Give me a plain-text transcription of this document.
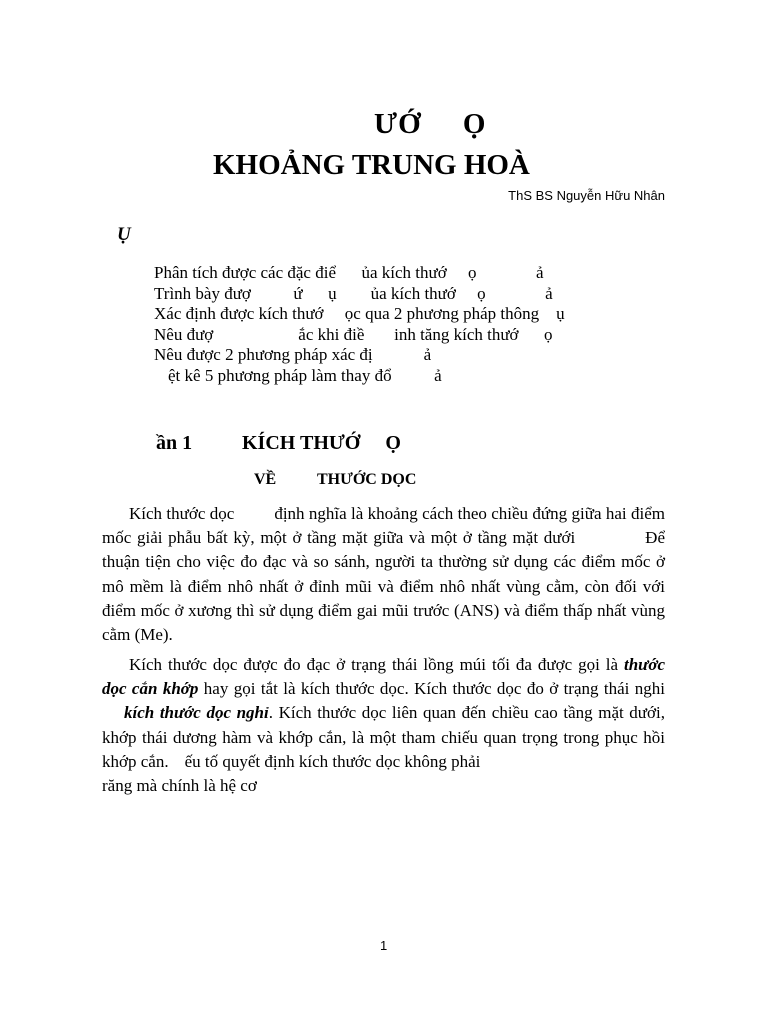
ƯỚ     Ọ
KHOẢNG TRUNG HOÀ
ThS BS Nguyễn Hữu Nhân
Ụ
Phân tích được các đặc điể      ủa kích thướ     ọ              ả
Trình bày đượ          ứ      ụ        ủa kích thướ     ọ              ả
Xác định được kích thướ     ọc qua 2 phương pháp thông    ụ
Nêu đượ                    ắc khi điề       inh tăng kích thướ      ọ
Nêu được 2 phương pháp xác đị            ả
ệt kê 5 phương pháp làm thay đổ          ả
ần 1 KÍCH THƯỚ     Ọ
VỀ	THƯỚC DỌC
Kích thước dọc định nghĩa là khoảng cách theo chiều đứng giữa hai điểm mốc giải phẫu bất kỳ, một ở tầng mặt giữa và một ở tầng mặt dưới	Để thuận tiện cho việc đo đạc và so sánh, người ta thường sử dụng các điểm mốc ở mô mềm là điểm nhô nhất ở đỉnh mũi và điểm nhô nhất vùng cằm, còn đối với điểm mốc ở xương thì sử dụng điểm gai mũi trước (ANS) và điểm thấp nhất vùng cằm (Me).
Kích thước dọc được đo đạc ở trạng thái lồng múi tối đa được gọi là thước dọc cắn khớp hay gọi tắt là kích thước dọc. Kích thước dọc đo ở trạng thái nghikích thước dọc nghỉ. Kích thước dọc liên quan đến chiều cao tầng mặt dưới, khớp thái dương hàm và khớp cắn, là một tham chiếu quan trọng trong phục hồi khớp cắn. ếu tố quyết định kích thước dọc không phải
răng mà chính là hệ cơ
1
